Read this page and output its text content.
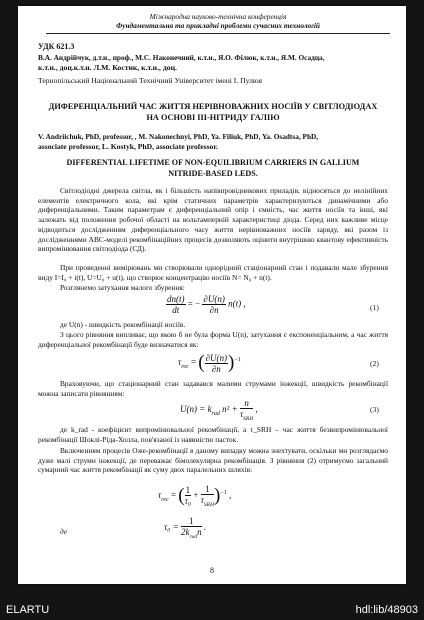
Міжнародна науково-технічна конференція
Фундаментальна та прикладні проблеми сучасних технологій
УДК 621.3
В.А. Андрійчук, д.т.н., проф., М.С. Наконечний, к.т.н., Я.О. Філюк, к.т.н., Я.М. Осадца,
к.т.н., доц.к.т.н. Л.М. Костик, к.т.н., доц.
Тернопільський Національний Технічний Університет імені І. Пулюя
ДИФЕРЕНЦІАЛЬНИЙ ЧАС ЖИТТЯ НЕРІВНОВАЖНИХ НОСІЇВ У СВІТЛОДІОДАХ
НА ОСНОВІ ІІІ-НІТРИДУ ГАЛІЮ
V. Andriichuk, PhD, professor, , M. Nakonechnyi, PhD, Ya. Filiuk, PhD, Ya. Osadtsa, PhD,
associate professor, L. Kostyk, PhD, associate professor.
DIFFERENTIAL LIFETIME OF NON-EQUILIBRIUM CARRIERS IN GALLIUM
NITRIDE-BASED LEDS.
Світлодіодні джерела світла, як і більшість напівпровідникових приладів, відносяться до нелінійних елементів електричного кола, які крім статичних параметрів характеризуються динамічними або диференціальними. Таким параметрам є диференціальний опір і ємність, час життя носіїв та інші, які залежать від положення робочої області на вольтамперній характеристиці діода. Серед них важливе місце відводиться дослідженням диференціального часу життя нерівноважних носіїв заряду, які разом із дослідженнями ABC-моделі рекомбінаційних процесів дозволяють оцінити внутрішню квантову ефективність випромінювання світлодіода (СД).
При проведенні вимірювань ми створювали однорідний стаціонарний стан і подавали мале збурення виду I=I₀ + i(t), U=U₀ + u(t), що створює концентрацію носіїв N= N₀ + n(t).
Розглянемо затухання малого збурення:
$\frac{dn(t)}{dt}$ = − $\frac{\partial U(n)}{\partial n} n(t)$ ,	(1)
де U(n) - швидкість рекомбінації носіїв.
З цього рівняння випливає, що якою б не була форма U(n), затухання є експоненціальним, а час життя диференціальної рекомбінації буде визначатися як:
$\tau_{rec}$ = ( $\frac{\partial U(n)}{\partial n} )^{-1}$	(2)
Враховуючи, що стаціонарний стан задавався малими струмами інжекції, швидкість рекомбінації можна записати рівнянням:
$U(n) = k_{rad}$ $n^2 + \frac{n}{\tau_{SRH}}$ ,	(3)
де k_rad - коефіцієнт випромінювальної рекомбінації, а τ_SRH – час життя безвипромінювальної рекомбінації Шоклі-Ріда-Холла, пов'язаної із наявністю пасток.
Включенням процесів Оже-рекомбінації в даному випадку можна знехтувати, оскільки ми розглядаємо дуже малі струми інжекції, де переважає бімолекулярна рекомбінація. З рівняння (2) отримуємо загальний сумарний час життя рекомбінації як суму двох паралельних шляхів:
$\tau_{rec}$ = ( $\frac{1}{\text{τ₀}} + \frac{1}{\tau_{SRH}} )^{-1}$ ,
де	$\tau_0 = \frac{1}{2k_{rad}n}$ .
8
ELARTU	hdl:lib/48903
